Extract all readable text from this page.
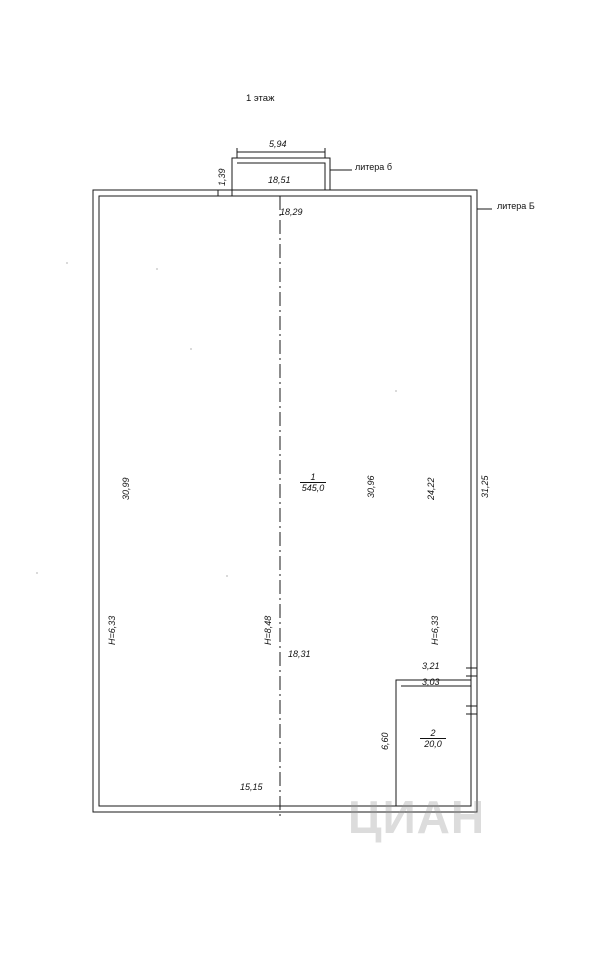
1 этаж
литера б
литера Б
5,94
1,39	18,51
18,29
30,99
H=6,33	H=8,48
18,31
30,96	24,22	31,25
H=6,33
3,21
3,03
6,60
15,15
1
545,0
2
20,0
ЦИАН
